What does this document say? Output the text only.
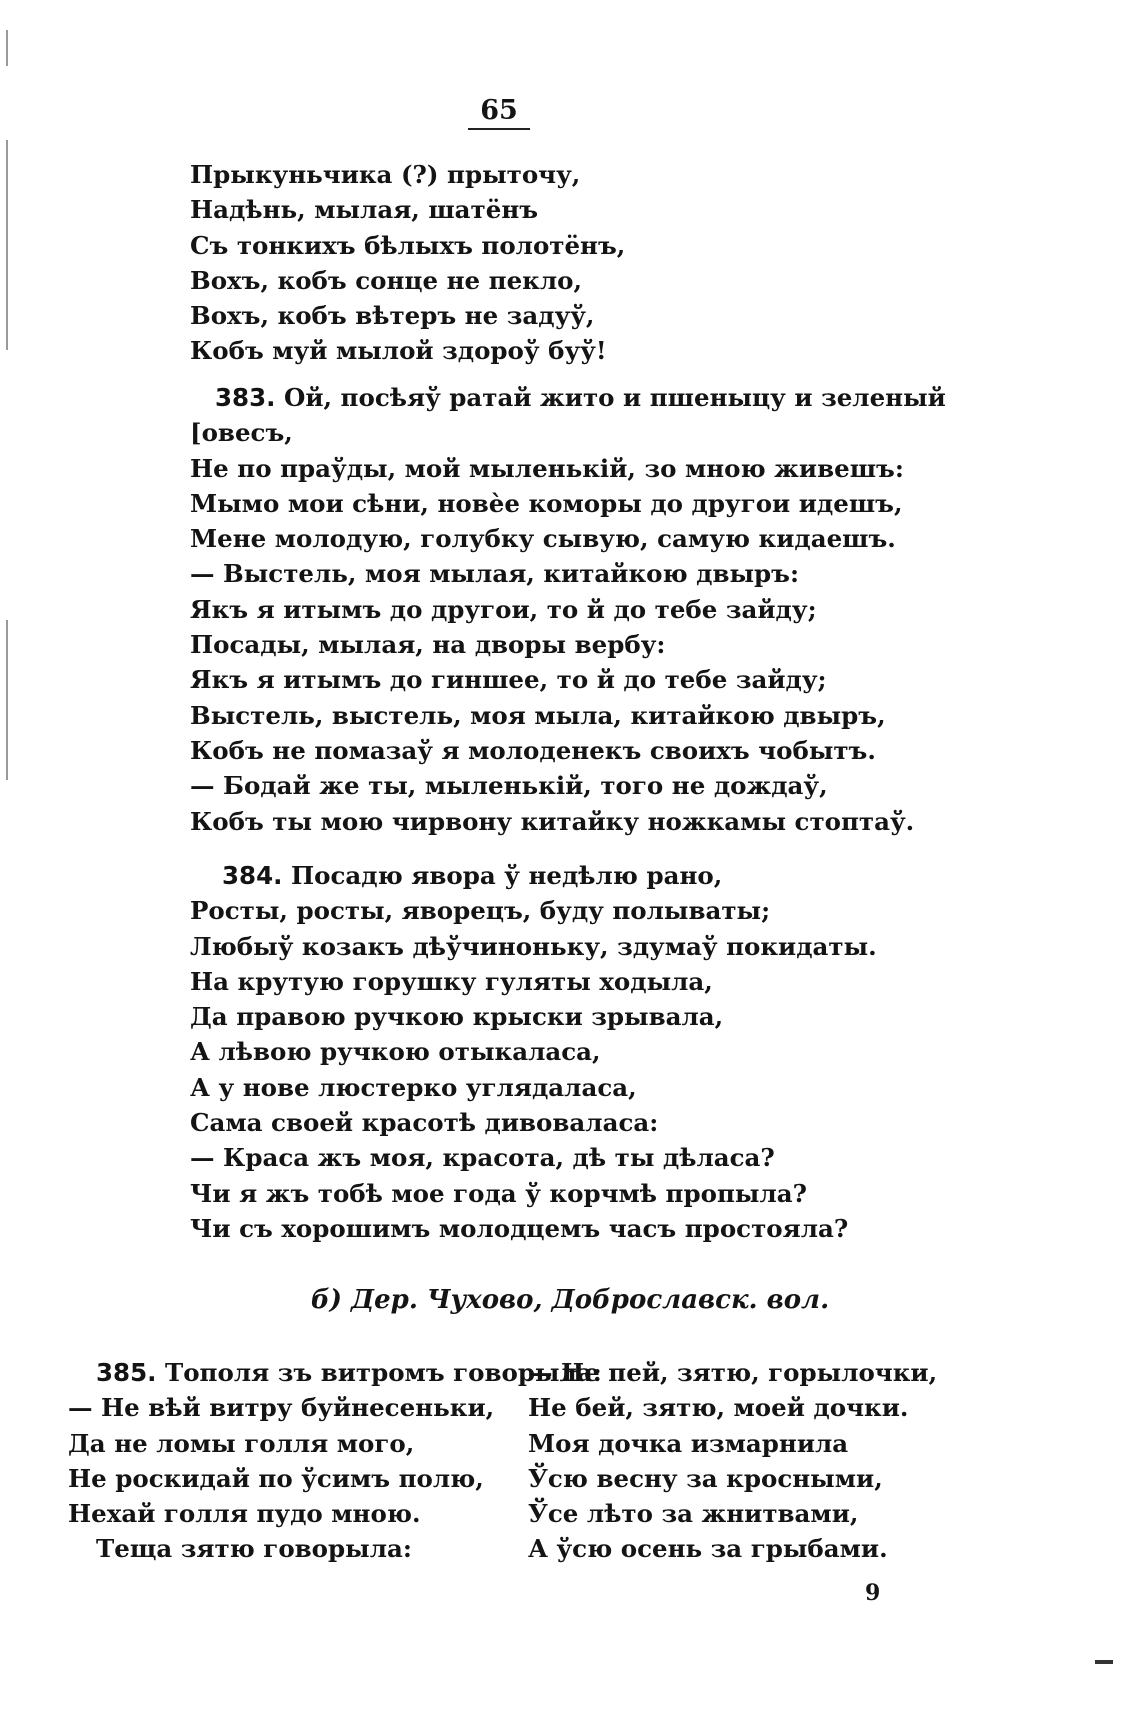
65
Прыкуньчика (?) прыточу,
Надѣнь, мылая, шатёнъ
Съ тонкихъ бѣлыхъ полотёнъ,
Вохъ, кобъ сонце не пекло,
Вохъ, кобъ вѣтеръ не задуў,
Кобъ муй мылой здороў буў!
383. Ой, посѣяў ратай жито и пшеныцу и зеленый
[овесъ,
Не по праўды, мой мыленькій, зо мною живешъ:
Мымо мои сѣни, новѐе коморы до другои идешъ,
Мене молодую, голубку сывую, самую кидаешъ.
— Выстель, моя мылая, китайкою двыръ:
Якъ я итымъ до другои, то й до тебе зайду;
Посады, мылая, на дворы вербу:
Якъ я итымъ до гиншее, то й до тебе зайду;
Выстель, выстель, моя мыла, китайкою двыръ,
Кобъ не помазаў я молоденекъ своихъ чобытъ.
— Бодай же ты, мыленькій, того не дождаў,
Кобъ ты мою чирвону китайку ножкамы стоптаў.
384. Посадю явора ў недѣлю рано,
Росты, росты, яворецъ, буду полываты;
Любыў козакъ дѣўчиноньку, здумаў покидаты.
На крутую горушку гуляты ходыла,
Да правою ручкою крыски зрывала,
А лѣвою ручкою отыкаласа,
А у нове люстерко углядаласа,
Сама своей красотѣ дивоваласа:
— Краса жъ моя, красота, дѣ ты дѣласа?
Чи я жъ тобѣ мое года ў корчмѣ пропыла?
Чи съ хорошимъ молодцемъ часъ простояла?
б) Дер. Чухово, Доброславск. вол.
385. Тополя зъ витромъ говорыла:
— Не вѣй витру буйнесеньки,
Да не ломы голля мого,
Не роскидай по ўсимъ полю,
Нехай голля пудо мною.
Теща зятю говорыла:
— Не пей, зятю, горылочки,
Не бей, зятю, моей дочки.
Моя дочка измарнила
Ўсю весну за кросными,
Ўсе лѣто за жнитвами,
А ўсю осень за грыбами.
9
